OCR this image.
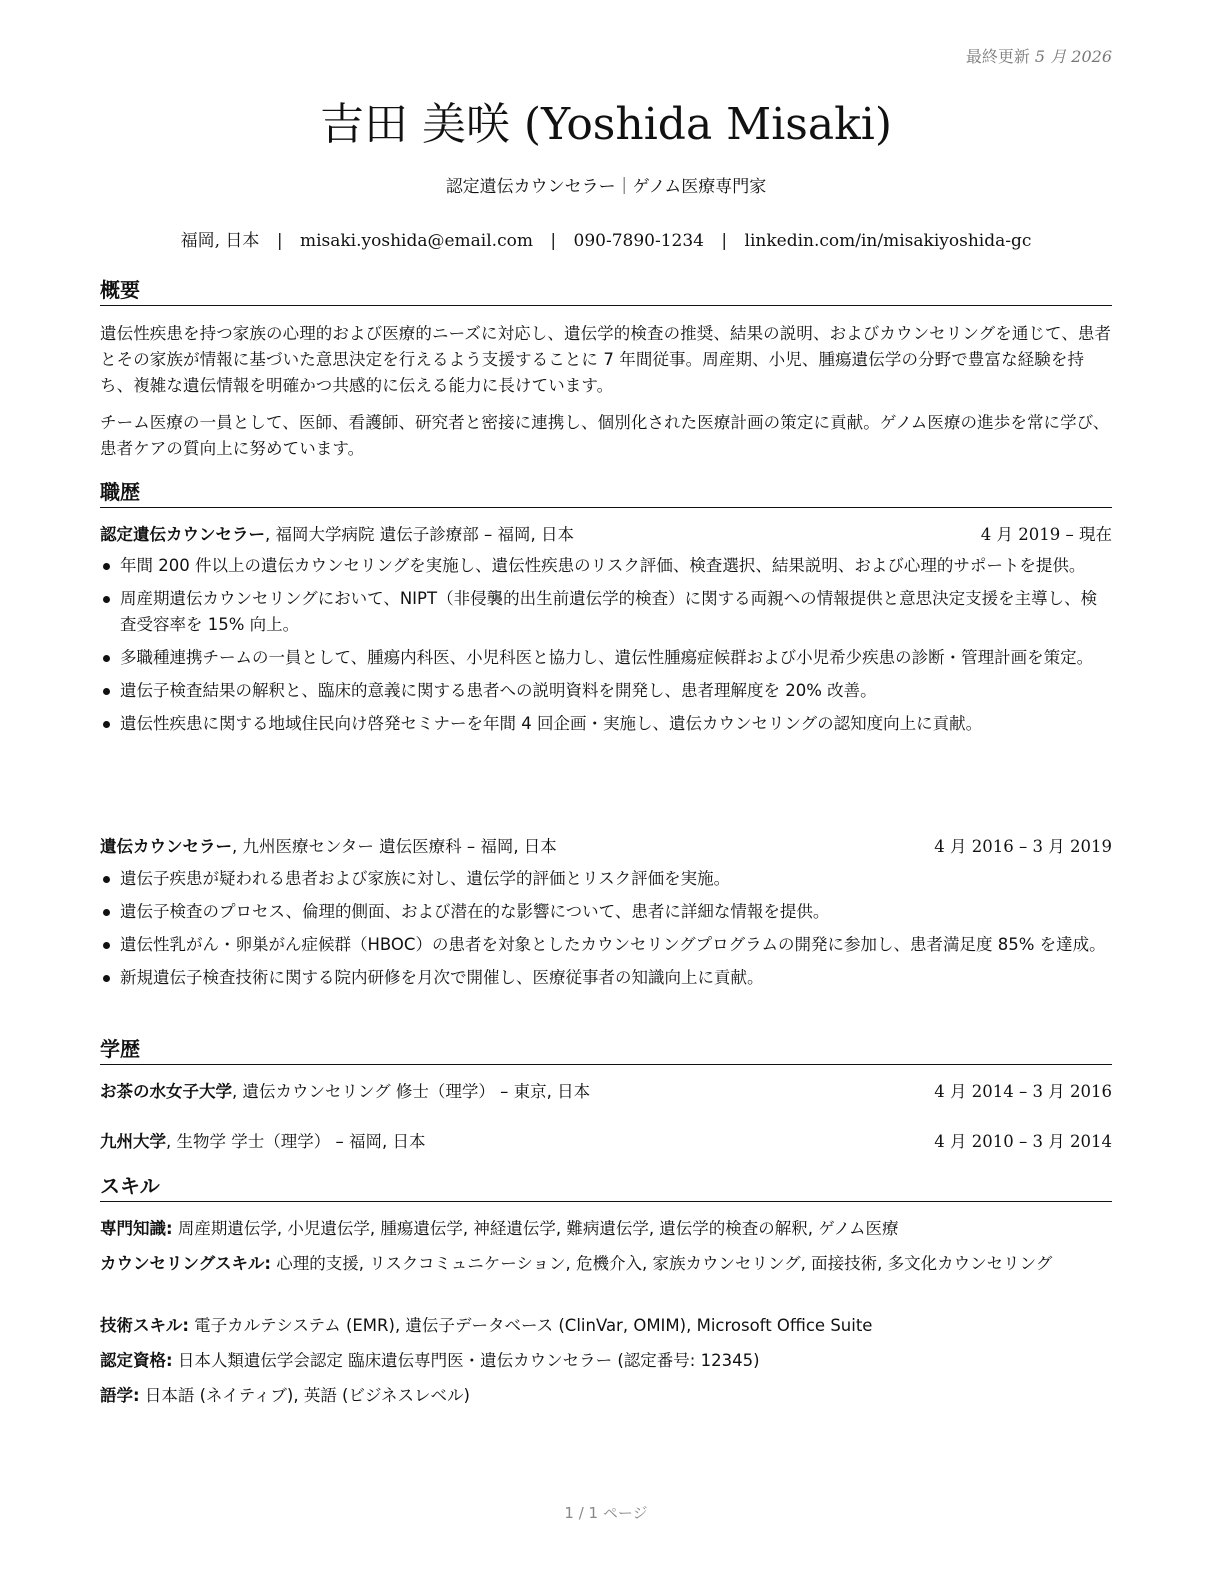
最終更新 5 月 2026
吉田 美咲 (Yoshida Misaki)
認定遺伝カウンセラー｜ゲノム医療専門家
福岡, 日本 | misaki.yoshida@email.com | 090-7890-1234 | linkedin.com/in/misakiyoshida-gc
概要
遺伝性疾患を持つ家族の心理的および医療的ニーズに対応し、遺伝学的検査の推奨、結果の説明、およびカウンセリングを通じて、患者とその家族が情報に基づいた意思決定を行えるよう支援することに 7 年間従事。周産期、小児、腫瘍遺伝学の分野で豊富な経験を持ち、複雑な遺伝情報を明確かつ共感的に伝える能力に長けています。
チーム医療の一員として、医師、看護師、研究者と密接に連携し、個別化された医療計画の策定に貢献。ゲノム医療の進歩を常に学び、患者ケアの質向上に努めています。
職歴
認定遺伝カウンセラー, 福岡大学病院 遺伝子診療部 – 福岡, 日本	4 月 2019 – 現在
年間 200 件以上の遺伝カウンセリングを実施し、遺伝性疾患のリスク評価、検査選択、結果説明、および心理的サポートを提供。
周産期遺伝カウンセリングにおいて、NIPT（非侵襲的出生前遺伝学的検査）に関する両親への情報提供と意思決定支援を主導し、検査受容率を 15% 向上。
多職種連携チームの一員として、腫瘍内科医、小児科医と協力し、遺伝性腫瘍症候群および小児希少疾患の診断・管理計画を策定。
遺伝子検査結果の解釈と、臨床的意義に関する患者への説明資料を開発し、患者理解度を 20% 改善。
遺伝性疾患に関する地域住民向け啓発セミナーを年間 4 回企画・実施し、遺伝カウンセリングの認知度向上に貢献。
遺伝カウンセラー, 九州医療センター 遺伝医療科 – 福岡, 日本	4 月 2016 – 3 月 2019
遺伝子疾患が疑われる患者および家族に対し、遺伝学的評価とリスク評価を実施。
遺伝子検査のプロセス、倫理的側面、および潜在的な影響について、患者に詳細な情報を提供。
遺伝性乳がん・卵巣がん症候群（HBOC）の患者を対象としたカウンセリングプログラムの開発に参加し、患者満足度 85% を達成。
新規遺伝子検査技術に関する院内研修を月次で開催し、医療従事者の知識向上に貢献。
学歴
お茶の水女子大学, 遺伝カウンセリング 修士（理学） – 東京, 日本	4 月 2014 – 3 月 2016
九州大学, 生物学 学士（理学） – 福岡, 日本	4 月 2010 – 3 月 2014
スキル
専門知識: 周産期遺伝学, 小児遺伝学, 腫瘍遺伝学, 神経遺伝学, 難病遺伝学, 遺伝学的検査の解釈, ゲノム医療
カウンセリングスキル: 心理的支援, リスクコミュニケーション, 危機介入, 家族カウンセリング, 面接技術, 多文化カウンセリング
技術スキル: 電子カルテシステム (EMR), 遺伝子データベース (ClinVar, OMIM), Microsoft Office Suite
認定資格: 日本人類遺伝学会認定 臨床遺伝専門医・遺伝カウンセラー (認定番号: 12345)
語学: 日本語 (ネイティブ), 英語 (ビジネスレベル)
1 / 1 ページ
